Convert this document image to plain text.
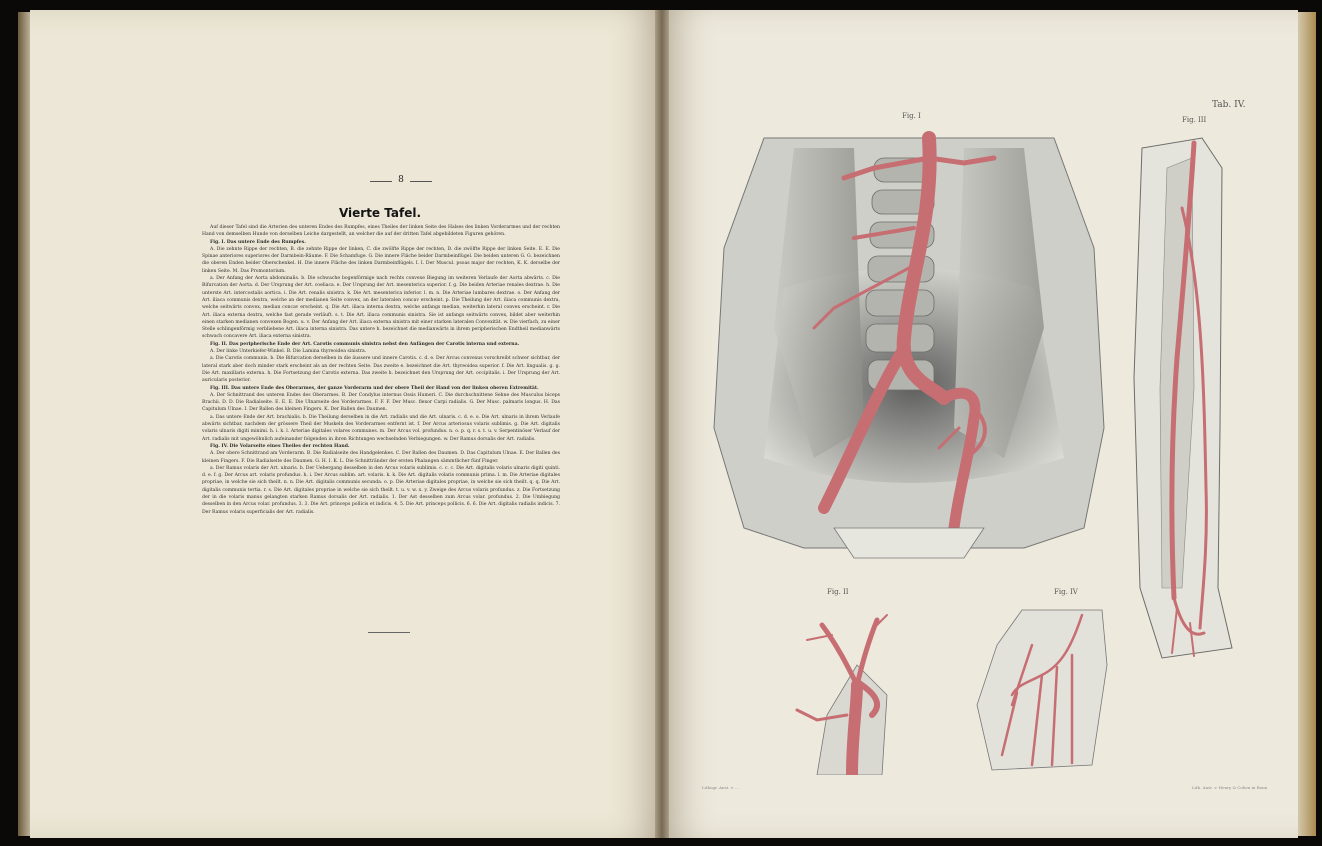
8
Vierte Tafel.

Auf dieser Tafel sind die Arterien des unteren Endes des Rumpfes, eines Theiles der linken Seite des Halses des linken Vorderarmes und der rechten Hand von demselben Hunde von derselben Leiche dargestellt, an welcher die auf der dritten Tafel abgebildeten Figuren gehören.

Fig. I. Das untere Ende des Rumpfes.

A. Die zehnte Rippe der rechten, B. die zehnte Rippe der linken, C. die zwölfte Rippe der rechten, D. die zwölfte Rippe der linken Seite. E. E. Die Spinae anteriores superiores der Darmbein-Räume. F. Die Schamfuge. G. Die innere Fläche beider Darmbeinflügel. Die beiden unteren G. G. bezeichnen die oberen Enden beider Oberschenkel. H. Die innere Fläche des linken Darmbeinflügels. I. I. Der Muscul. psoas major der rechten, K. K. derselbe der linken Seite. M. Das Promontorium.

a. Der Anfang der Aorta abdominalis. b. Die schwache bogenförmige nach rechts convexe Biegung im weiteren Verlaufe der Aorta abwärts. c. Die Bifurcation der Aorta. d. Der Ursprung der Art. coeliaca. e. Der Ursprung der Art. mesenterica superior. f. g. Die beiden Arteriae renales dextrae. h. Die unterste Art. intercostalis aortica. i. Die Art. renalis sinistra. k. Die Art. mesenterica inferior. l. m. n. Die Arteriae lumbares dextrae. o. Der Anfang der Art. iliaca communis dextra, welche an der medianen Seite convex, an der lateralen concav erscheint. p. Die Theilung der Art. iliaca communis dextra, welche seitwärts convex, median concav erscheint. q. Die Art. iliaca interna dextra, welche anfangs median, weiterhin lateral convex erscheint. r. Die Art. iliaca externa dextra, welche fast gerade verläuft. s. t. Die Art. iliaca communis sinistra. Sie ist anfangs seitwärts convex, bildet aber weiterhin einen starken medianen convexen Bogen. u. v. Der Anfang der Art. iliaca externa sinistra mit einer starken lateralen Convexität. w. Die vierfach, zu einer Stelle schlingenförmig verbliebene Art. iliaca interna sinistra. Das untere h. bezeichnet die medianwärts in ihrem peripherischen Endtheil medianwärts schwach concavere Art. iliaca externa sinistra.

Fig. II. Das peripherische Ende der Art. Carotis communis sinistra nebst den Anfängen der Carotis interna und externa.

A. Der linke Unterkiefer-Winkel. B. Die Lamina thyreoidea sinistra.

a. Die Carotis communis. b. Die Bifurcation derselben in die äussere und innere Carotis. c. d. e. Der Arcus convexus vorschreibt schwer sichtbar, der lateral stark aber doch minder stark erscheint als an der rechten Seite. Das zweite e. bezeichnet die Art. thyreoidea superior. f. Die Art. lingualis. g. g. Die Art. maxillaris externa. h. Die Fortsetzung der Carotis externa. Das zweite h. bezeichnet den Ursprung der Art. occipitalis. i. Der Ursprung der Art. auricularis posterior.

Fig. III. Das untere Ende des Oberarmes, der ganze Vorderarm und der obere Theil der Hand von der linken oberen Extremität.

A. Der Schnittrand des unteren Endes des Oberarmes. B. Der Condylus internus Ossis Humeri. C. Die durchschnittene Sehne des Musculus biceps Brachii. D. D. Die Radialseite. E. E. E. Die Ulnarseite des Vorderarmes. F. F. F. Der Musc. flexor Carpi radialis. G. Der Musc. palmaris longus. H. Das Capitulum Ulnae. I. Der Ballen des kleinen Fingers. K. Der Ballen des Daumen.

a. Das untere Ende der Art. brachialis. b. Die Theilung derselben in die Art. radialis und die Art. ulnaris. c. d. e. o. Die Art. ulnaris in ihrem Verlaufe abwärts sichtbar, nachdem der grössere Theil der Muskeln des Vorderarmes entfernt ist. f. Der Arcus arteriosus volaris sublimis. g. Die Art. digitalis volaris ulnaris digiti minimi. h. i. k. l. Arteriae digitales volares communes. m. Der Arcus vol. profundus. n. o. p. q. r. s. t. u. v. Serpentinöser Verlauf der Art. radialis mit ungewöhnlich aufeinander folgenden in ihren Richtungen wechselnden Verbiegungen. w. Der Ramus dorsalis der Art. radialis.

Fig. IV. Die Volarseite eines Theiles der rechten Hand.

A. Der obere Schnittrand am Vorderarm. B. Die Radialseite des Handgelenkes. C. Der Ballen des Daumen. D. Das Capitulum Ulnae. E. Der Ballen des kleinen Fingers. F. Die Radialseite des Daumen. G. H. I. K. L. Die Schnittränder der ersten Phalangen sämmtlicher fünf Finger.

a. Der Ramus volaris der Art. ulnaris. b. Der Uebergang desselben in den Arcus volaris sublimis. c. c. c. Die Art. digitalis volaris ulnaris digiti quinti. d. e. f. g. Der Arcus art. volaris profundus. h. i. Der Arcus sublim. art. volaris. k. k. Die Art. digitalis volaris communis prima. l. m. Die Arteriae digitales propriae, in welche sie sich theilt. n. n. Die Art. digitalis communis secunda. o. p. Die Arteriae digitales propriae, in welche sie sich theilt. q. q. Die Art. digitalis communis tertia. r. s. Die Art. digitales propriae in welche sie sich theilt. t. u. v. w. x. y. Zweige des Arcus volaris profundus. z. Die Fortsetzung der in die volaris manus gelangten starken Ramus dorsalis der Art. radialis. 1. Der Ast desselben zum Arcus volar. profundus. 2. Die Umbiegung desselben in den Arcus volar. profundus. 3. 3. Die Art. princeps pollicis et indicis. 4. 5. Die Art. princeps pollicis. 6. 6. Die Art. digitalis radialis indicis. 7. Der Ramus volaris superficialis der Art. radialis.

Tab. IV.
Fig. I	Fig. III
Fig. II	Fig. IV
Lithogr. Anst. v. ...	Lith. Anst. v. Henry & Cohen in Bonn
